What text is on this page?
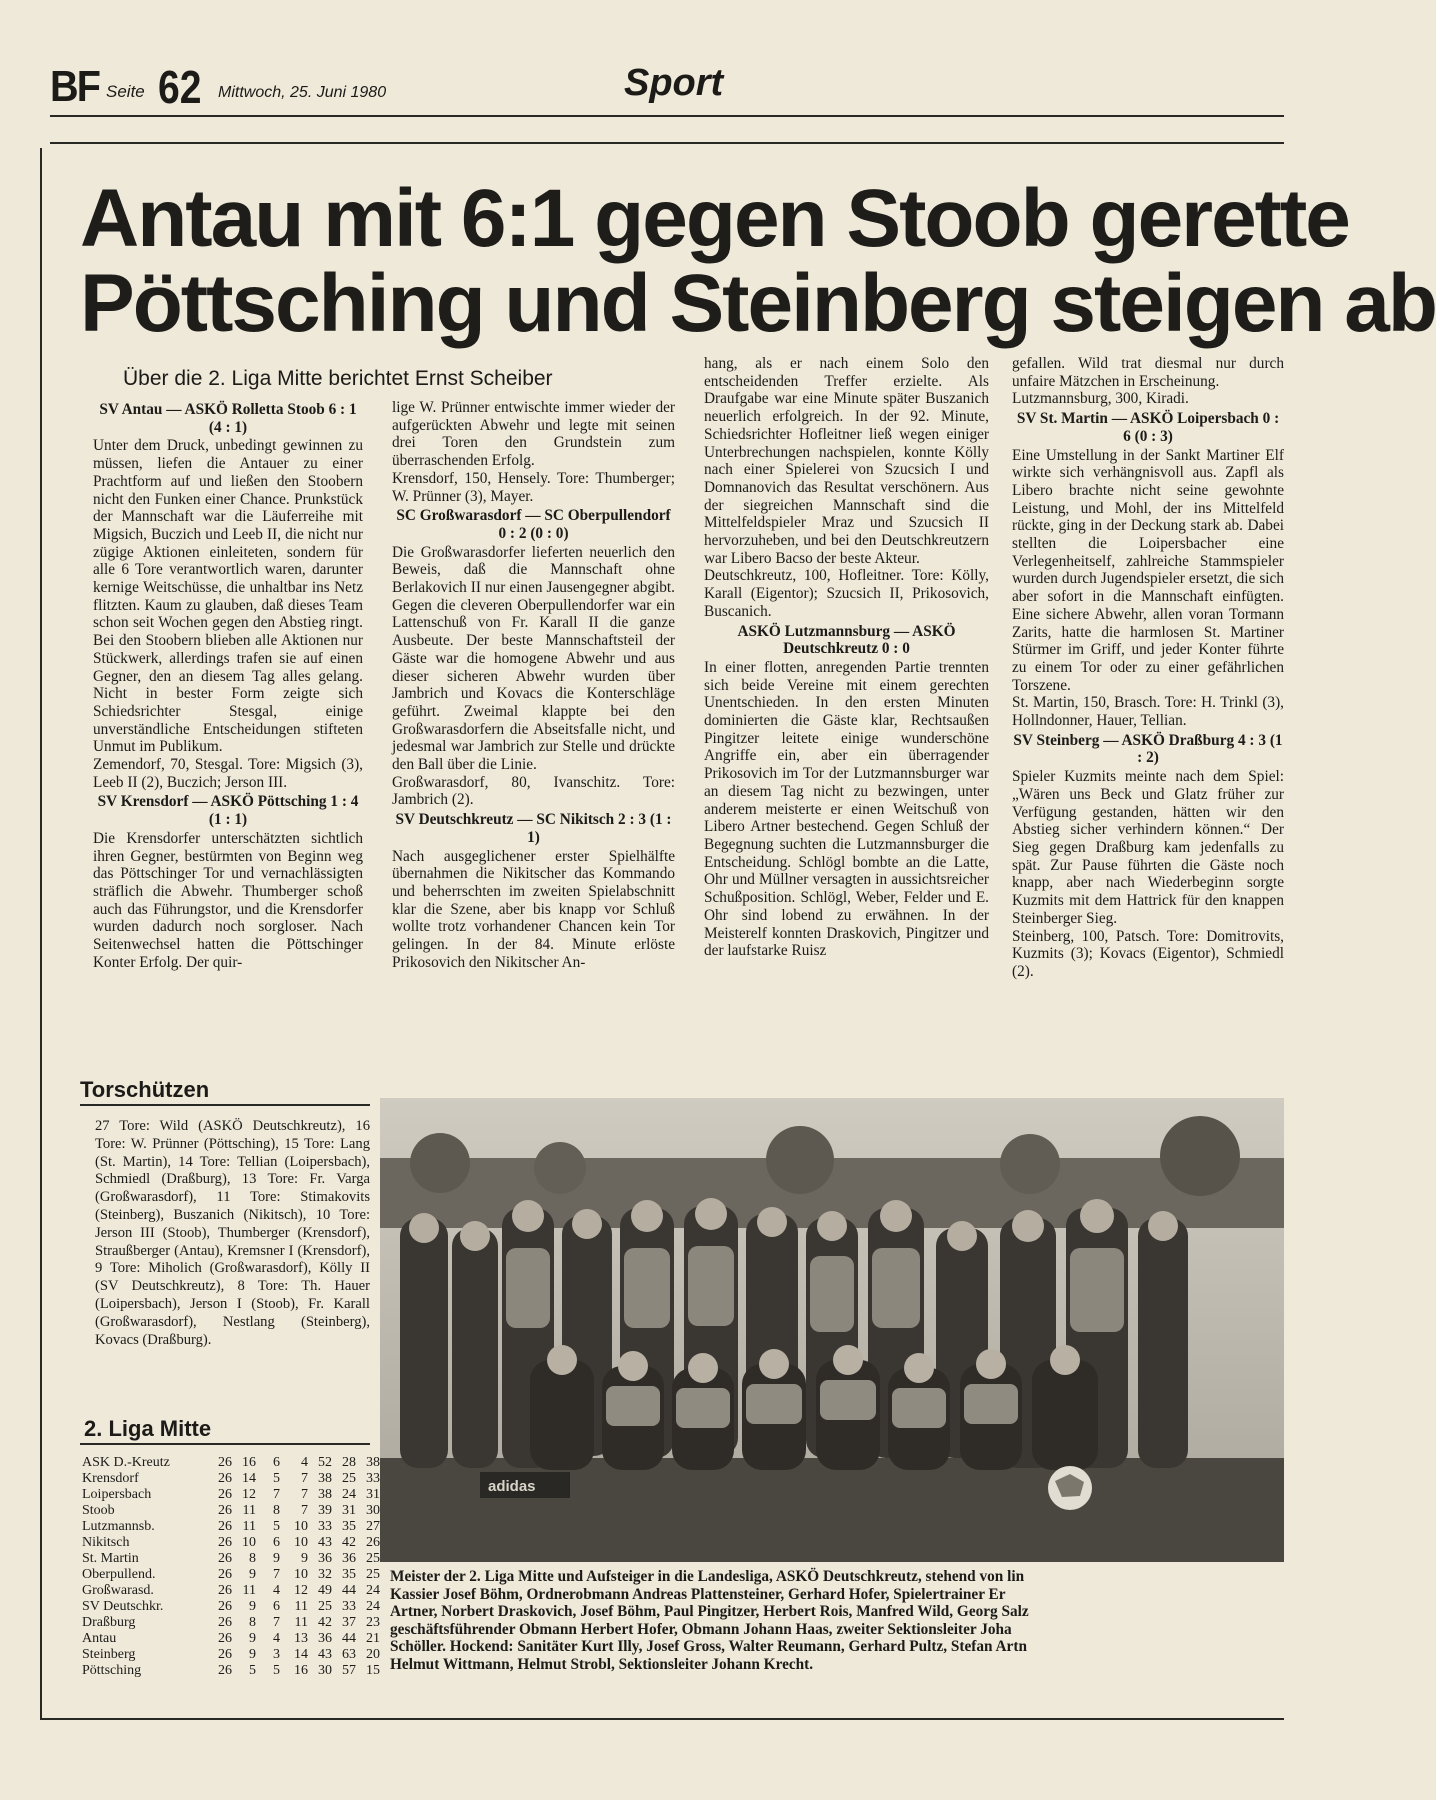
BF Seite 62 Mittwoch, 25. Juni 1980	Sport
Antau mit 6:1 gegen Stoob gerette
Pöttsching und Steinberg steigen ab
Über die 2. Liga Mitte berichtet Ernst Scheiber

SV Antau — ASKÖ Rolletta Stoob 6 : 1 (4 : 1)

Unter dem Druck, unbedingt gewinnen zu müssen, liefen die Antauer zu einer Prachtform auf und ließen den Stoobern nicht den Funken einer Chance. Prunkstück der Mannschaft war die Läuferreihe mit Migsich, Buczich und Leeb II, die nicht nur zügige Aktionen einleiteten, sondern für alle 6 Tore verantwortlich waren, darunter kernige Weitschüsse, die unhaltbar ins Netz flitzten. Kaum zu glauben, daß dieses Team schon seit Wochen gegen den Abstieg ringt. Bei den Stoobern blieben alle Aktionen nur Stückwerk, allerdings trafen sie auf einen Gegner, den an diesem Tag alles gelang. Nicht in bester Form zeigte sich Schiedsrichter Stesgal, einige unverständliche Entscheidungen stifteten Unmut im Publikum.

Zemendorf, 70, Stesgal. Tore: Migsich (3), Leeb II (2), Buczich; Jerson III.

SV Krensdorf — ASKÖ Pöttsching 1 : 4 (1 : 1)

Die Krensdorfer unterschätzten sichtlich ihren Gegner, bestürmten von Beginn weg das Pöttschinger Tor und vernachlässigten sträflich die Abwehr. Thumberger schoß auch das Führungstor, und die Krensdorfer wurden dadurch noch sorgloser. Nach Seitenwechsel hatten die Pöttschinger Konter Erfolg. Der quir-

lige W. Prünner entwischte immer wieder der aufgerückten Abwehr und legte mit seinen drei Toren den Grundstein zum überraschenden Erfolg.

Krensdorf, 150, Hensely. Tore: Thumberger; W. Prünner (3), Mayer.

SC Großwarasdorf — SC Oberpullendorf 0 : 2 (0 : 0)

Die Großwarasdorfer lieferten neuerlich den Beweis, daß die Mannschaft ohne Berlakovich II nur einen Jausengegner abgibt. Gegen die cleveren Oberpullendorfer war ein Lattenschuß von Fr. Karall II die ganze Ausbeute. Der beste Mannschaftsteil der Gäste war die homogene Abwehr und aus dieser sicheren Abwehr wurden über Jambrich und Kovacs die Konterschläge geführt. Zweimal klappte bei den Großwarasdorfern die Abseitsfalle nicht, und jedesmal war Jambrich zur Stelle und drückte den Ball über die Linie.

Großwarasdorf, 80, Ivanschitz. Tore: Jambrich (2).

SV Deutschkreutz — SC Nikitsch 2 : 3 (1 : 1)

Nach ausgeglichener erster Spielhälfte übernahmen die Nikitscher das Kommando und beherrschten im zweiten Spielabschnitt klar die Szene, aber bis knapp vor Schluß wollte trotz vorhandener Chancen kein Tor gelingen. In der 84. Minute erlöste Prikosovich den Nikitscher An-

hang, als er nach einem Solo den entscheidenden Treffer erzielte. Als Draufgabe war eine Minute später Buszanich neuerlich erfolgreich. In der 92. Minute, Schiedsrichter Hofleitner ließ wegen einiger Unterbrechungen nachspielen, konnte Kölly nach einer Spielerei von Szucsich I und Domnanovich das Resultat verschönern. Aus der siegreichen Mannschaft sind die Mittelfeldspieler Mraz und Szucsich II hervorzuheben, und bei den Deutschkreutzern war Libero Bacso der beste Akteur.

Deutschkreutz, 100, Hofleitner. Tore: Kölly, Karall (Eigentor); Szucsich II, Prikosovich, Buscanich.

ASKÖ Lutzmannsburg — ASKÖ Deutschkreutz 0 : 0

In einer flotten, anregenden Partie trennten sich beide Vereine mit einem gerechten Unentschieden. In den ersten Minuten dominierten die Gäste klar, Rechtsaußen Pingitzer leitete einige wunderschöne Angriffe ein, aber ein überragender Prikosovich im Tor der Lutzmannsburger war an diesem Tag nicht zu bezwingen, unter anderem meisterte er einen Weitschuß von Libero Artner bestechend. Gegen Schluß der Begegnung suchten die Lutzmannsburger die Entscheidung. Schlögl bombte an die Latte, Ohr und Müllner versagten in aussichtsreicher Schußposition. Schlögl, Weber, Felder und E. Ohr sind lobend zu erwähnen. In der Meisterelf konnten Draskovich, Pingitzer und der laufstarke Ruisz

gefallen. Wild trat diesmal nur durch unfaire Mätzchen in Erscheinung.

Lutzmannsburg, 300, Kiradi.

SV St. Martin — ASKÖ Loipersbach 0 : 6 (0 : 3)

Eine Umstellung in der Sankt Martiner Elf wirkte sich verhängnisvoll aus. Zapfl als Libero brachte nicht seine gewohnte Leistung, und Mohl, der ins Mittelfeld rückte, ging in der Deckung stark ab. Dabei stellten die Loipersbacher eine Verlegenheitself, zahlreiche Stammspieler wurden durch Jugendspieler ersetzt, die sich aber sofort in die Mannschaft einfügten. Eine sichere Abwehr, allen voran Tormann Zarits, hatte die harmlosen St. Martiner Stürmer im Griff, und jeder Konter führte zu einem Tor oder zu einer gefährlichen Torszene.

St. Martin, 150, Brasch. Tore: H. Trinkl (3), Hollndonner, Hauer, Tellian.

SV Steinberg — ASKÖ Draßburg 4 : 3 (1 : 2)

Spieler Kuzmits meinte nach dem Spiel: „Wären uns Beck und Glatz früher zur Verfügung gestanden, hätten wir den Abstieg sicher verhindern können.“ Der Sieg gegen Draßburg kam jedenfalls zu spät. Zur Pause führten die Gäste noch knapp, aber nach Wiederbeginn sorgte Kuzmits mit dem Hattrick für den knappen Steinberger Sieg.

Steinberg, 100, Patsch. Tore: Domitrovits, Kuzmits (3); Kovacs (Eigentor), Schmiedl (2).

Torschützen
27 Tore: Wild (ASKÖ Deutschkreutz), 16 Tore: W. Prünner (Pöttsching), 15 Tore: Lang (St. Martin), 14 Tore: Tellian (Loipersbach), Schmiedl (Draßburg), 13 Tore: Fr. Varga (Großwarasdorf), 11 Tore: Stimakovits (Steinberg), Buszanich (Nikitsch), 10 Tore: Jerson III (Stoob), Thumberger (Krensdorf), Straußberger (Antau), Kremsner I (Krensdorf), 9 Tore: Miholich (Großwarasdorf), Kölly II (SV Deutschkreutz), 8 Tore: Th. Hauer (Loipersbach), Jerson I (Stoob), Fr. Karall (Großwarasdorf), Nestlang (Steinberg), Kovacs (Draßburg).
2. Liga Mitte
ASK D.-Kreutz	26	16	6	4	52	28	38
Krensdorf	26	14	5	7	38	25	33
Loipersbach	26	12	7	7	38	24	31
Stoob	26	11	8	7	39	31	30
Lutzmannsb.	26	11	5	10	33	35	27
Nikitsch	26	10	6	10	43	42	26
St. Martin	26	8	9	9	36	36	25
Oberpullend.	26	9	7	10	32	35	25
Großwarasd.	26	11	4	12	49	44	24
SV Deutschkr.	26	9	6	11	25	33	24
Draßburg	26	8	7	11	42	37	23
Antau	26	9	4	13	36	44	21
Steinberg	26	9	3	14	43	63	20
Pöttsching	26	5	5	16	30	57	15
adidas
Meister der 2. Liga Mitte und Aufsteiger in die Landesliga, ASKÖ Deutschkreutz, stehend von lin
Kassier Josef Böhm, Ordnerobmann Andreas Plattensteiner, Gerhard Hofer, Spielertrainer Er
Artner, Norbert Draskovich, Josef Böhm, Paul Pingitzer, Herbert Rois, Manfred Wild, Georg Salz
geschäftsführender Obmann Herbert Hofer, Obmann Johann Haas, zweiter Sektionsleiter Joha
Schöller. Hockend: Sanitäter Kurt Illy, Josef Gross, Walter Reumann, Gerhard Pultz, Stefan Artn
Helmut Wittmann, Helmut Strobl, Sektionsleiter Johann Krecht.
